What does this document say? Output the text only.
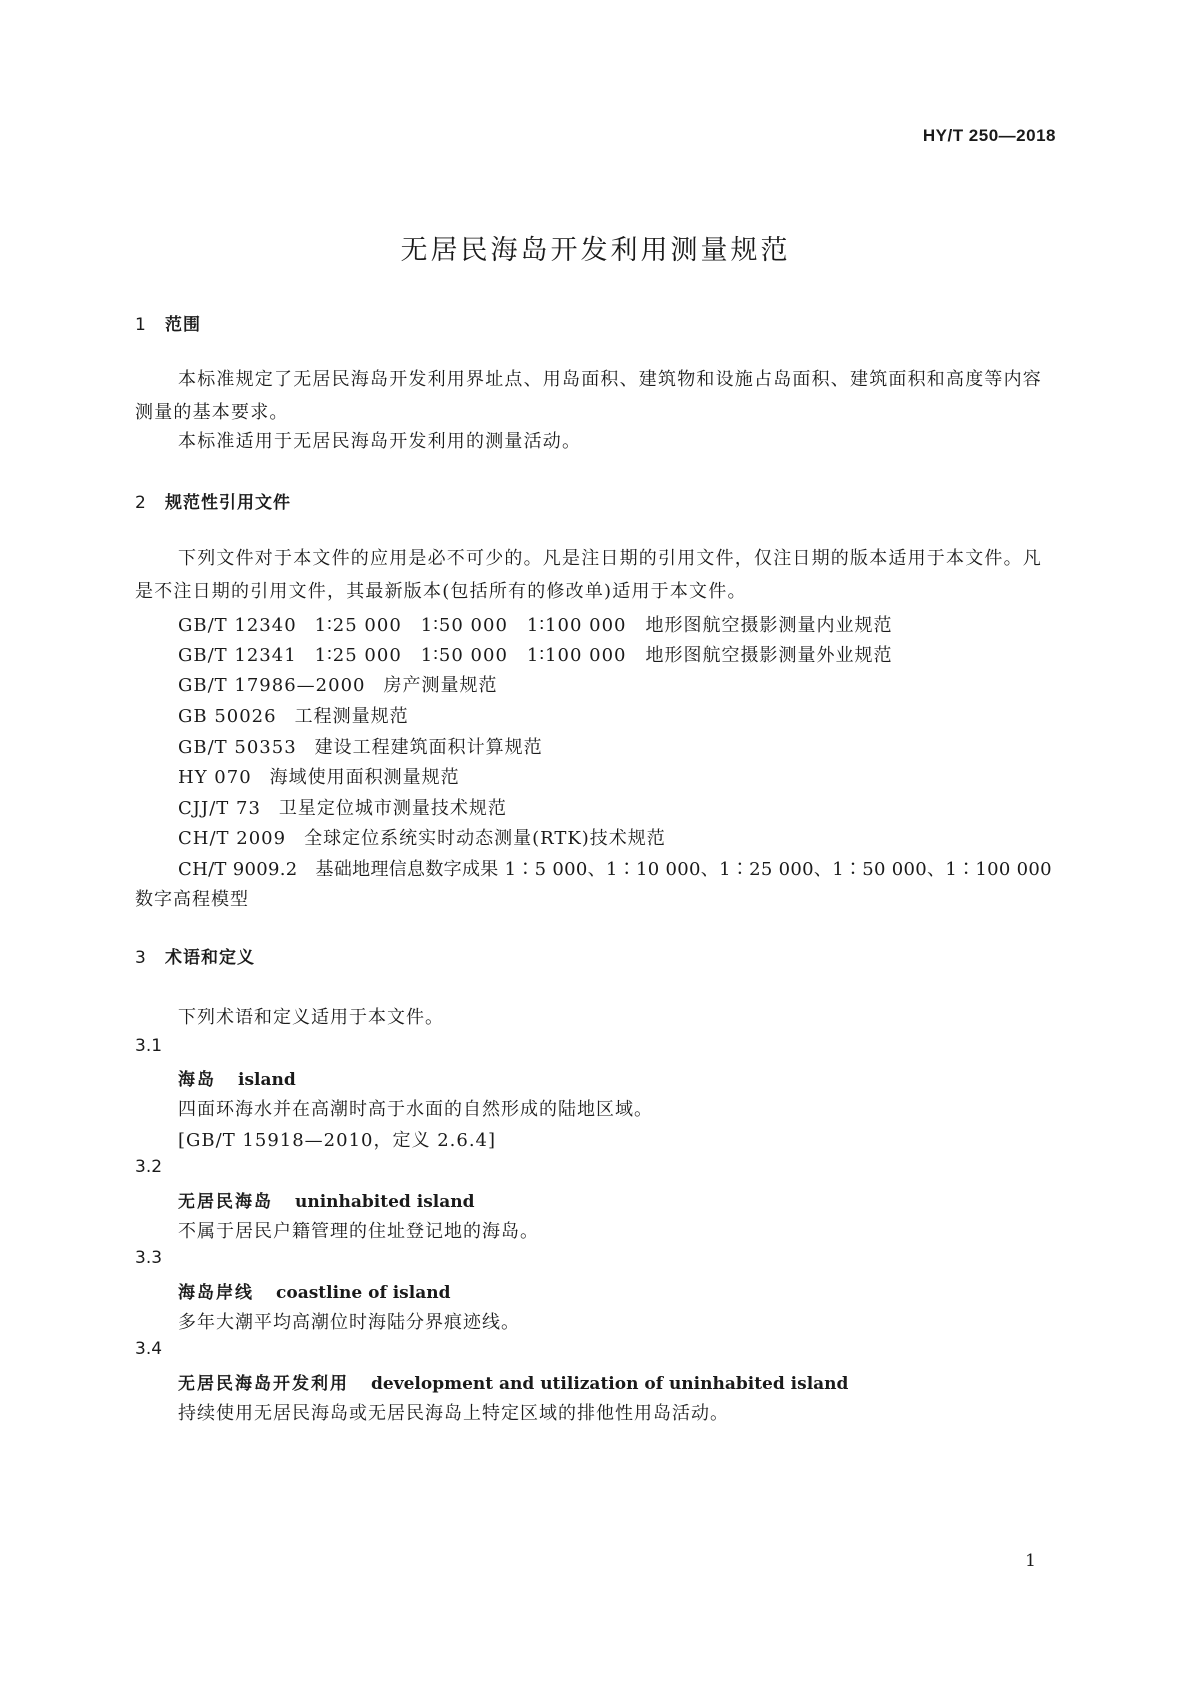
HY/T 250—2018
无居民海岛开发利用测量规范
1 范围
本标准规定了无居民海岛开发利用界址点、用岛面积、建筑物和设施占岛面积、建筑面积和高度等内容测量的基本要求。
本标准适用于无居民海岛开发利用的测量活动。
2 规范性引用文件
下列文件对于本文件的应用是必不可少的。凡是注日期的引用文件，仅注日期的版本适用于本文件。凡是不注日期的引用文件，其最新版本(包括所有的修改单)适用于本文件。
GB/T 12340 1∶25 000　1∶50 000　1∶100 000　地形图航空摄影测量内业规范
GB/T 12341 1∶25 000　1∶50 000　1∶100 000　地形图航空摄影测量外业规范
GB/T 17986—2000 房产测量规范
GB 50026 工程测量规范
GB/T 50353 建设工程建筑面积计算规范
HY 070 海域使用面积测量规范
CJJ/T 73 卫星定位城市测量技术规范
CH/T 2009 全球定位系统实时动态测量(RTK)技术规范
CH/T 9009.2 基础地理信息数字成果 1∶5 000、1∶10 000、1∶25 000、1∶50 000、1∶100 000
数字高程模型
3 术语和定义
下列术语和定义适用于本文件。
3.1
海岛 island
四面环海水并在高潮时高于水面的自然形成的陆地区域。
[GB/T 15918—2010，定义 2.6.4]
3.2
无居民海岛 uninhabited island
不属于居民户籍管理的住址登记地的海岛。
3.3
海岛岸线 coastline of island
多年大潮平均高潮位时海陆分界痕迹线。
3.4
无居民海岛开发利用 development and utilization of uninhabited island
持续使用无居民海岛或无居民海岛上特定区域的排他性用岛活动。
1
